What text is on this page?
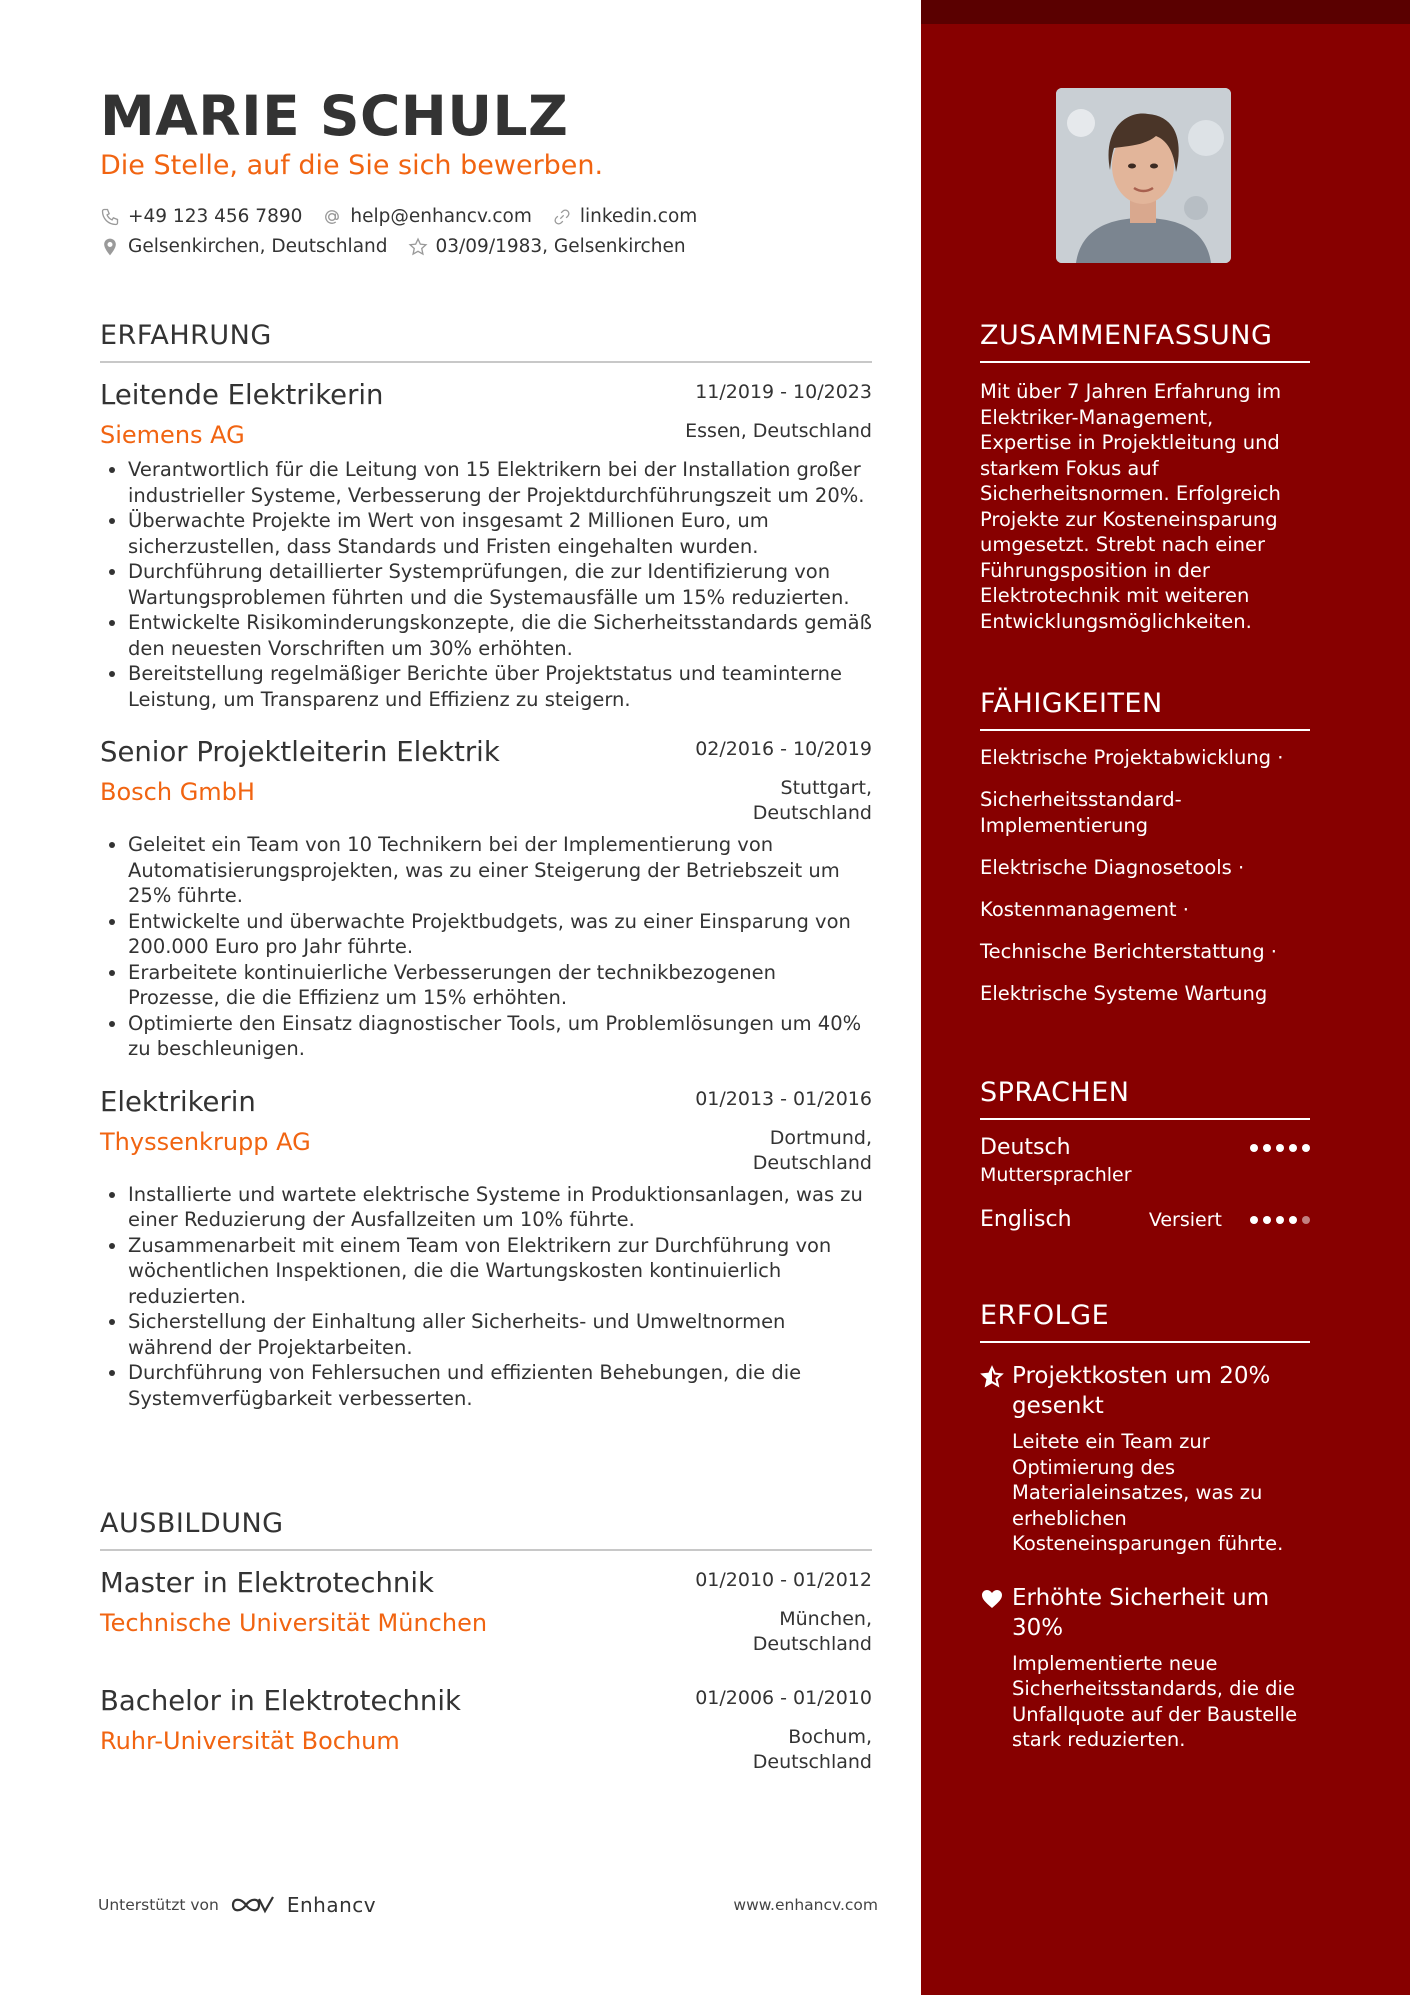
MARIE SCHULZ
Die Stelle, auf die Sie sich bewerben.
+49 123 456 7890	help@enhancv.com	linkedin.com
Gelsenkirchen, Deutschland	03/09/1983, Gelsenkirchen
ERFAHRUNG
Leitende Elektrikerin	11/2019 - 10/2023
Siemens AG	Essen, Deutschland
• Verantwortlich für die Leitung von 15 Elektrikern bei der Installation großer industrieller Systeme, Verbesserung der Projektdurchführungszeit um 20%.
• Überwachte Projekte im Wert von insgesamt 2 Millionen Euro, um sicherzustellen, dass Standards und Fristen eingehalten wurden.
• Durchführung detaillierter Systemprüfungen, die zur Identifizierung von Wartungsproblemen führten und die Systemausfälle um 15% reduzierten.
• Entwickelte Risikominderungskonzepte, die die Sicherheitsstandards gemäß den neuesten Vorschriften um 30% erhöhten.
• Bereitstellung regelmäßiger Berichte über Projektstatus und teaminterne Leistung, um Transparenz und Effizienz zu steigern.
Senior Projektleiterin Elektrik	02/2016 - 10/2019
Bosch GmbH	Stuttgart,
Deutschland
• Geleitet ein Team von 10 Technikern bei der Implementierung von Automatisierungsprojekten, was zu einer Steigerung der Betriebszeit um 25% führte.
• Entwickelte und überwachte Projektbudgets, was zu einer Einsparung von 200.000 Euro pro Jahr führte.
• Erarbeitete kontinuierliche Verbesserungen der technikbezogenen Prozesse, die die Effizienz um 15% erhöhten.
• Optimierte den Einsatz diagnostischer Tools, um Problemlösungen um 40% zu beschleunigen.
Elektrikerin	01/2013 - 01/2016
Thyssenkrupp AG	Dortmund,
Deutschland
• Installierte und wartete elektrische Systeme in Produktionsanlagen, was zu einer Reduzierung der Ausfallzeiten um 10% führte.
• Zusammenarbeit mit einem Team von Elektrikern zur Durchführung von wöchentlichen Inspektionen, die die Wartungskosten kontinuierlich reduzierten.
• Sicherstellung der Einhaltung aller Sicherheits- und Umweltnormen während der Projektarbeiten.
• Durchführung von Fehlersuchen und effizienten Behebungen, die die Systemverfügbarkeit verbesserten.
AUSBILDUNG
Master in Elektrotechnik	01/2010 - 01/2012
Technische Universität München	München,
Deutschland
Bachelor in Elektrotechnik	01/2006 - 01/2010
Ruhr-Universität Bochum	Bochum,
Deutschland
Unterstützt von	Enhancv	www.enhancv.com
ZUSAMMENFASSUNG
Mit über 7 Jahren Erfahrung im Elektriker-Management, Expertise in Projektleitung und starkem Fokus auf Sicherheitsnormen. Erfolgreich Projekte zur Kosteneinsparung umgesetzt. Strebt nach einer Führungsposition in der Elektrotechnik mit weiteren Entwicklungsmöglichkeiten.
FÄHIGKEITEN
Elektrische Projektabwicklung ·
Sicherheitsstandard-Implementierung
Elektrische Diagnosetools ·
Kostenmanagement ·
Technische Berichterstattung ·
Elektrische Systeme Wartung
SPRACHEN
Deutsch
Muttersprachler
Englisch	Versiert
ERFOLGE
Projektkosten um 20% gesenkt
Leitete ein Team zur Optimierung des Materialeinsatzes, was zu erheblichen Kosteneinsparungen führte.
Erhöhte Sicherheit um 30%
Implementierte neue Sicherheitsstandards, die die Unfallquote auf der Baustelle stark reduzierten.
